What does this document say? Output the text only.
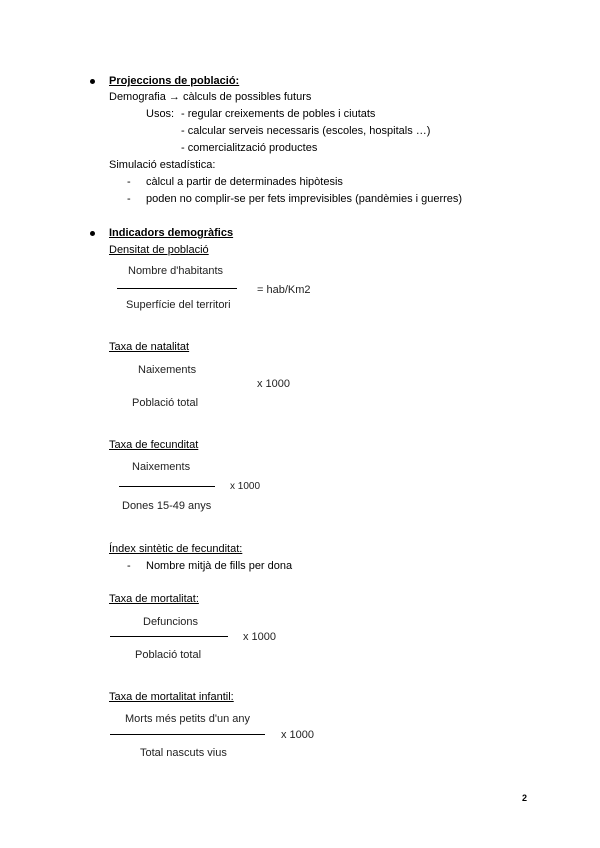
Projeccions de població:
Demografia → càlculs de possibles futurs
Usos: - regular creixements de pobles i ciutats
- calcular serveis necessaris (escoles, hospitals …)
- comercialització productes
Simulació estadística:
- càlcul a partir de determinades hipòtesis
- poden no complir-se per fets imprevisibles (pandèmies i guerres)
Indicadors demogràfics
Densitat de població
Nombre d'habitants
= hab/Km2
Superfície del territori
Taxa de natalitat
Naixements
x 1000
Població total
Taxa de fecunditat
Naixements
x 1000
Dones 15-49 anys
Índex sintètic de fecunditat:
- Nombre mitjà de fills per dona
Taxa de mortalitat:
Defuncions
x 1000
Població total
Taxa de mortalitat infantil:
Morts més petits d'un any
x 1000
Total nascuts vius
2
